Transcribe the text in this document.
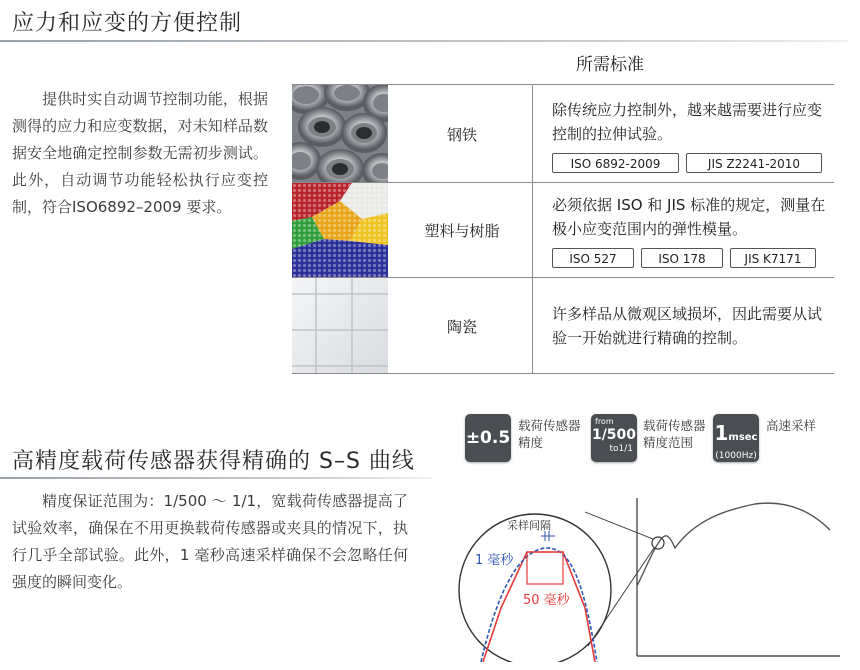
应力和应变的方便控制
提供时实自动调节控制功能，根据测得的应力和应变数据，对未知样品数据安全地确定控制参数无需初步测试。此外，自动调节功能轻松执行应变控制，符合ISO6892–2009 要求。
所需标准
钢铁
除传统应力控制外，越来越需要进行应变控制的拉伸试验。
ISO 6892-2009	JIS Z2241-2010
塑料与树脂
必须依据 ISO 和 JIS 标准的规定，测量在极小应变范围内的弹性模量。
ISO 527	ISO 178	JIS K7171
陶瓷
许多样品从微观区域损坏，因此需要从试验一开始就进行精确的控制。
±0.5
载荷传感器
精度
from
1/500
to1/1
载荷传感器
精度范围	1msec
(1000Hz)
高速采样
高精度载荷传感器获得精确的 S–S 曲线
精度保证范围为：1/500 ～ 1/1，宽载荷传感器提高了试验效率，确保在不用更换载荷传感器或夹具的情况下，执行几乎全部试验。此外，1 毫秒高速采样确保不会忽略任何强度的瞬间变化。
采样间隔
1 毫秒
50 毫秒
